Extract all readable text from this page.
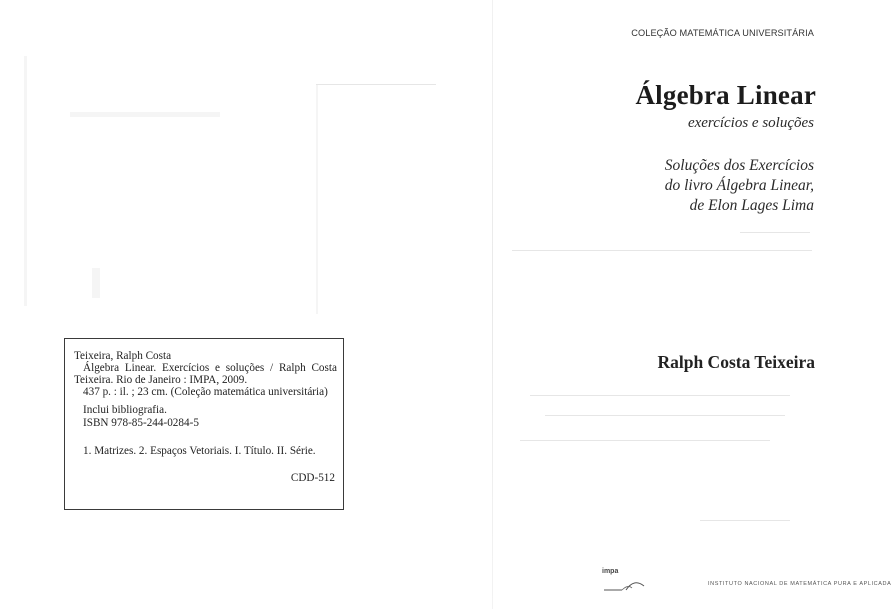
Teixeira, Ralph Costa
Álgebra Linear. Exercícios e soluções / Ralph Costa
Teixeira. Rio de Janeiro : IMPA, 2009.
437 p. : il. ; 23 cm. (Coleção matemática universitária)
Inclui bibliografia.
ISBN 978-85-244-0284-5
1. Matrizes. 2. Espaços Vetoriais. I. Título. II. Série.
CDD-512
COLEÇÃO MATEMÁTICA UNIVERSITÁRIA
Álgebra Linear
exercícios e soluções
Soluções dos Exercícios
do livro Álgebra Linear,
de Elon Lages Lima
Ralph Costa Teixeira
impa
INSTITUTO NACIONAL DE MATEMÁTICA PURA E APLICADA
